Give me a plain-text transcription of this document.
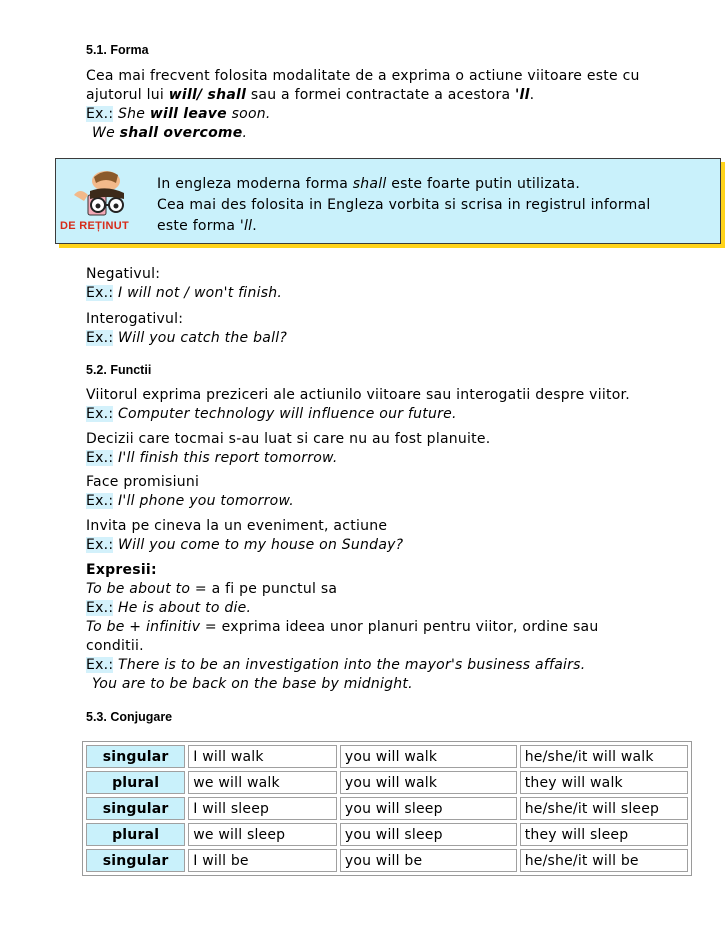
5.1. Forma
Cea mai frecvent folosita modalitate de a exprima o actiune viitoare este cu
ajutorul lui will/ shall sau a formei contractate a acestora 'll.
Ex.: She will leave soon.
We shall overcome.
DE REȚINUT
In engleza moderna forma shall este foarte putin utilizata.
Cea mai des folosita in Engleza vorbita si scrisa in registrul informal
este forma 'll.
Negativul:
Ex.: I will not / won't finish.
Interogativul:
Ex.: Will you catch the ball?
5.2. Functii
Viitorul exprima preziceri ale actiunilo viitoare sau interogatii despre viitor.
Ex.: Computer technology will influence our future.
Decizii care tocmai s-au luat si care nu au fost planuite.
Ex.: I'll finish this report tomorrow.
Face promisiuni
Ex.: I'll phone you tomorrow.
Invita pe cineva la un eveniment, actiune
Ex.: Will you come to my house on Sunday?
Expresii:
To be about to = a fi pe punctul sa
Ex.: He is about to die.
To be + infinitiv = exprima ideea unor planuri pentru viitor, ordine sau
conditii.
Ex.: There is to be an investigation into the mayor's business affairs.
You are to be back on the base by midnight.
5.3. Conjugare
singular	I will walk	you will walk	he/she/it will walk
plural	we will walk	you will walk	they will walk
singular	I will sleep	you will sleep	he/she/it will sleep
plural	we will sleep	you will sleep	they will sleep
singular	I will be	you will be	he/she/it will be
